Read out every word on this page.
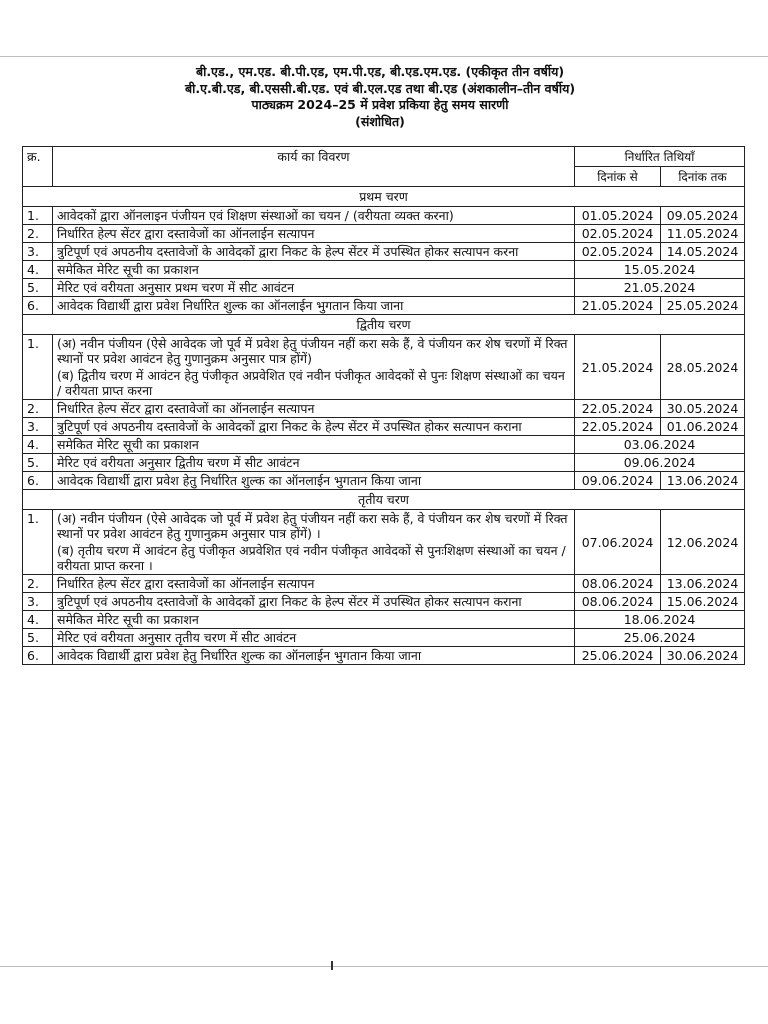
बी.एड., एम.एड. बी.पी.एड, एम.पी.एड, बी.एड.एम.एड. (एकीकृत तीन वर्षीय)
बी.ए.बी.एड, बी.एससी.बी.एड. एवं बी.एल.एड तथा बी.एड (अंशकालीन–तीन वर्षीय)
पाठ्यक्रम 2024–25 में प्रवेश प्रकिया हेतु समय सारणी
(संशोधित)
क्र.	कार्य का विवरण	निर्धारित तिथियाँ	
		दिनांक से	दिनांक तक
प्रथम चरण			
1.	आवेदकों द्वारा ऑनलाइन पंजीयन एवं शिक्षण संस्थाओं का चयन / (वरीयता व्यक्त करना)	01.05.2024	09.05.2024
2.	निर्धारित हेल्प सेंटर द्वारा दस्तावेजों का ऑनलाईन सत्यापन	02.05.2024	11.05.2024
3.	त्रुटिपूर्ण एवं अपठनीय दस्तावेजों के आवेदकों द्वारा निकट के हेल्प सेंटर में उपस्थित होकर सत्यापन करना	02.05.2024	14.05.2024
4.	समेकित मेरिट सूची का प्रकाशन	15.05.2024	
5.	मेरिट एवं वरीयता अनुसार प्रथम चरण में सीट आवंटन	21.05.2024	
6.	आवेदक विद्यार्थी द्वारा प्रवेश निर्धारित शुल्क का ऑनलाईन भुगतान किया जाना	21.05.2024	25.05.2024
द्वितीय चरण			
1.	(अ) नवीन पंजीयन (ऐसे आवेदक जो पूर्व में प्रवेश हेतु पंजीयन नहीं करा सके हैं, वे पंजीयन कर शेष चरणों में रिक्त स्थानों पर प्रवेश आवंटन हेतु गुणानुक्रम अनुसार पात्र होंगें)
(ब) द्वितीय चरण में आवंटन हेतु पंजीकृत अप्रवेशित एवं नवीन पंजीकृत आवेदकों से पुनः शिक्षण संस्थाओं का चयन / वरीयता प्राप्त करना	21.05.2024	28.05.2024
2.	निर्धारित हेल्प सेंटर द्वारा दस्तावेजों का ऑनलाईन सत्यापन	22.05.2024	30.05.2024
3.	त्रुटिपूर्ण एवं अपठनीय दस्तावेजों के आवेदकों द्वारा निकट के हेल्प सेंटर में उपस्थित होकर सत्यापन कराना	22.05.2024	01.06.2024
4.	समेकित मेरिट सूची का प्रकाशन	03.06.2024	
5.	मेरिट एवं वरीयता अनुसार द्वितीय चरण में सीट आवंटन	09.06.2024	
6.	आवेदक विद्यार्थी द्वारा प्रवेश हेतु निर्धारित शुल्क का ऑनलाईन भुगतान किया जाना	09.06.2024	13.06.2024
तृतीय चरण			
1.	(अ) नवीन पंजीयन (ऐसे आवेदक जो पूर्व में प्रवेश हेतु पंजीयन नहीं करा सके हैं, वे पंजीयन कर शेष चरणों में रिक्त स्थानों पर प्रवेश आवंटन हेतु गुणानुक्रम अनुसार पात्र होंगें) ।
(ब) तृतीय चरण में आवंटन हेतु पंजीकृत अप्रवेशित एवं नवीन पंजीकृत आवेदकों से पुनःशिक्षण संस्थाओं का चयन / वरीयता प्राप्त करना ।	07.06.2024	12.06.2024
2.	निर्धारित हेल्प सेंटर द्वारा दस्तावेजों का ऑनलाईन सत्यापन	08.06.2024	13.06.2024
3.	त्रुटिपूर्ण एवं अपठनीय दस्तावेजों के आवेदकों द्वारा निकट के हेल्प सेंटर में उपस्थित होकर सत्यापन कराना	08.06.2024	15.06.2024
4.	समेकित मेरिट सूची का प्रकाशन	18.06.2024	
5.	मेरिट एवं वरीयता अनुसार तृतीय चरण में सीट आवंटन	25.06.2024	
6.	आवेदक विद्यार्थी द्वारा प्रवेश हेतु निर्धारित शुल्क का ऑनलाईन भुगतान किया जाना	25.06.2024	30.06.2024
